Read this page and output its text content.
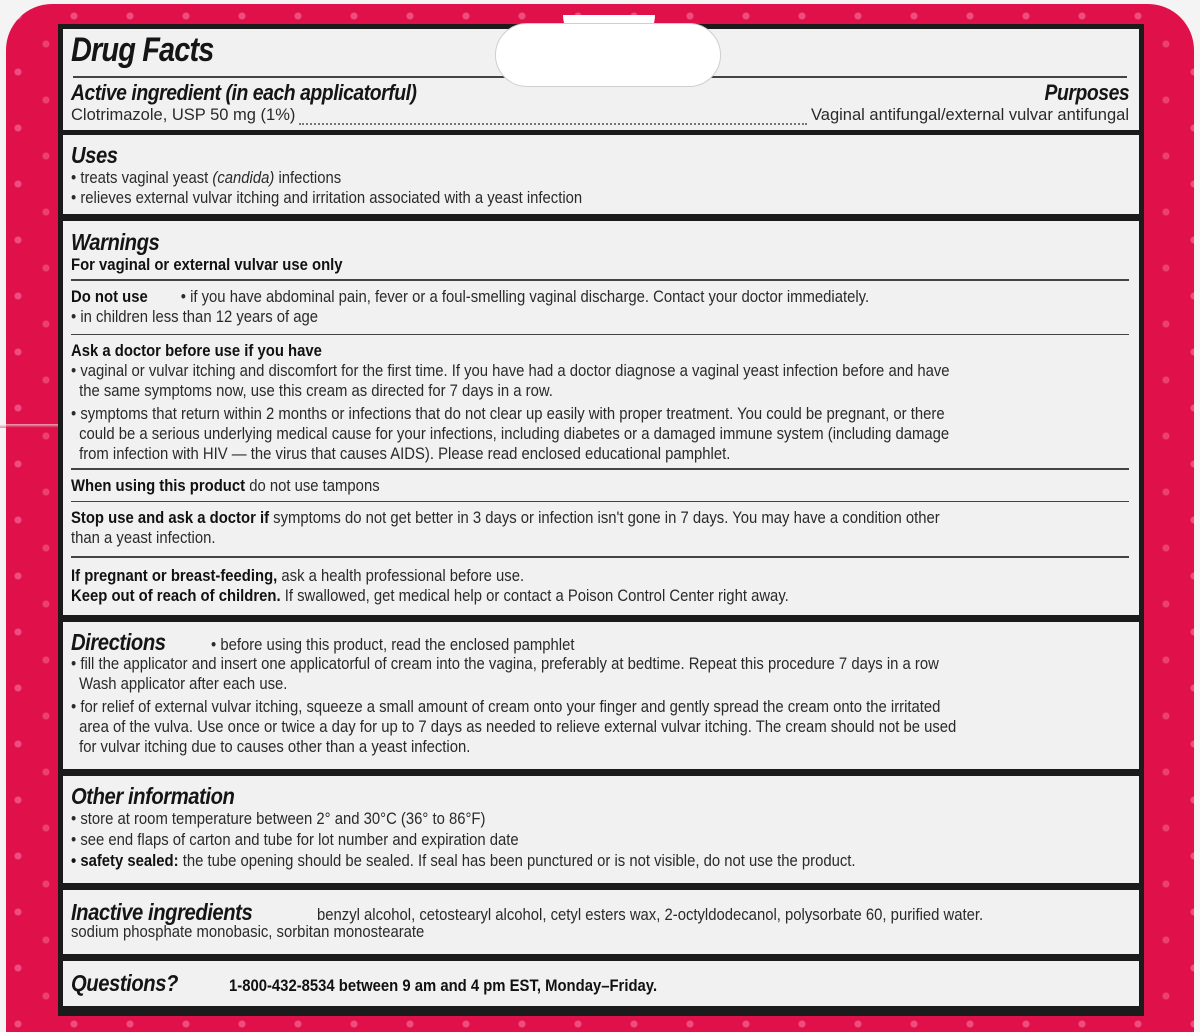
Drug Facts
Active ingredient (in each applicatorful)	Purposes
Clotrimazole, USP 50 mg (1%)	Vaginal antifungal/external vulvar antifungal
Uses
• treats vaginal yeast (candida) infections
• relieves external vulvar itching and irritation associated with a yeast infection
Warnings
For vaginal or external vulvar use only
Do not use • if you have abdominal pain, fever or a foul-smelling vaginal discharge. Contact your doctor immediately.
• in children less than 12 years of age
Ask a doctor before use if you have
• vaginal or vulvar itching and discomfort for the first time. If you have had a doctor diagnose a vaginal yeast infection before and have
the same symptoms now, use this cream as directed for 7 days in a row.
• symptoms that return within 2 months or infections that do not clear up easily with proper treatment. You could be pregnant, or there
could be a serious underlying medical cause for your infections, including diabetes or a damaged immune system (including damage
from infection with HIV — the virus that causes AIDS). Please read enclosed educational pamphlet.
When using this product do not use tampons
Stop use and ask a doctor if symptoms do not get better in 3 days or infection isn't gone in 7 days. You may have a condition other
than a yeast infection.
If pregnant or breast-feeding, ask a health professional before use.
Keep out of reach of children. If swallowed, get medical help or contact a Poison Control Center right away.
Directions	• before using this product, read the enclosed pamphlet
• fill the applicator and insert one applicatorful of cream into the vagina, preferably at bedtime. Repeat this procedure 7 days in a row
Wash applicator after each use.
• for relief of external vulvar itching, squeeze a small amount of cream onto your finger and gently spread the cream onto the irritated
area of the vulva. Use once or twice a day for up to 7 days as needed to relieve external vulvar itching. The cream should not be used
for vulvar itching due to causes other than a yeast infection.
Other information
• store at room temperature between 2° and 30°C (36° to 86°F)
• see end flaps of carton and tube for lot number and expiration date
• safety sealed: the tube opening should be sealed. If seal has been punctured or is not visible, do not use the product.
Inactive ingredients	benzyl alcohol, cetostearyl alcohol, cetyl esters wax, 2-octyldodecanol, polysorbate 60, purified water.
sodium phosphate monobasic, sorbitan monostearate
Questions?	1-800-432-8534 between 9 am and 4 pm EST, Monday–Friday.
